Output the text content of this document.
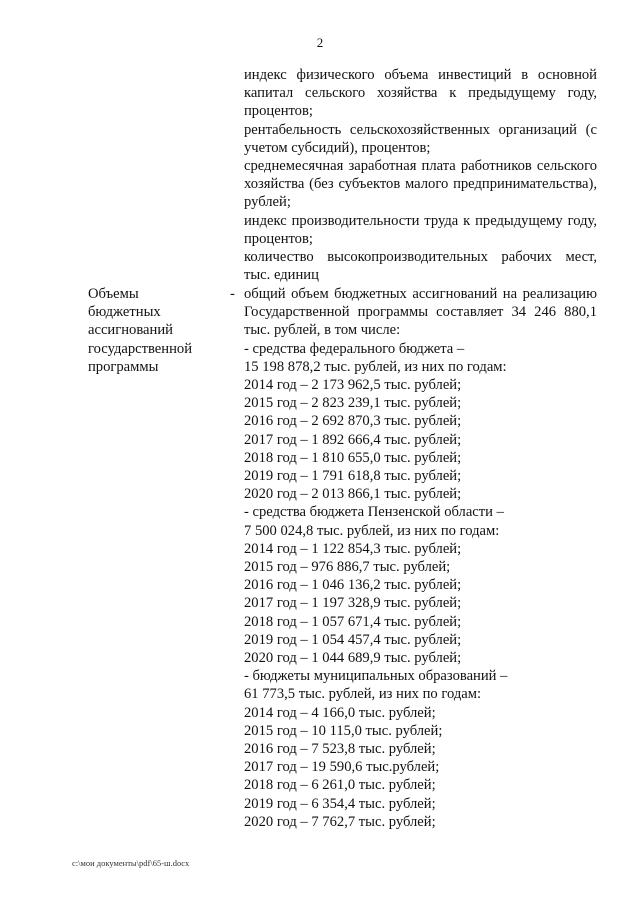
2
индекс физического объема инвестиций в основной капитал сельского хозяйства к предыдущему году, процентов;
рентабельность сельскохозяйственных организаций (с учетом субсидий), процентов;
среднемесячная заработная плата работников сельского хозяйства (без субъектов малого предпринимательства), рублей;
индекс производительности труда к предыдущему году, процентов;
количество высокопроизводительных рабочих мест, тыс. единиц
Объемы
бюджетных
ассигнований
государственной
программы
- общий объем бюджетных ассигнований на реализацию Государственной программы составляет 34 246 880,1 тыс. рублей, в том числе:
- средства федерального бюджета –
15 198 878,2 тыс. рублей, из них по годам:
2014 год – 2 173 962,5 тыс. рублей;
2015 год – 2 823 239,1 тыс. рублей;
2016 год – 2 692 870,3 тыс. рублей;
2017 год – 1 892 666,4 тыс. рублей;
2018 год – 1 810 655,0 тыс. рублей;
2019 год – 1 791 618,8 тыс. рублей;
2020 год – 2 013 866,1 тыс. рублей;
- средства бюджета Пензенской области –
7 500 024,8 тыс. рублей, из них по годам:
2014 год – 1 122 854,3 тыс. рублей;
2015 год – 976 886,7 тыс. рублей;
2016 год – 1 046 136,2 тыс. рублей;
2017 год – 1 197 328,9 тыс. рублей;
2018 год – 1 057 671,4 тыс. рублей;
2019 год – 1 054 457,4 тыс. рублей;
2020 год – 1 044 689,9 тыс. рублей;
- бюджеты муниципальных образований –
61 773,5 тыс. рублей, из них по годам:
2014 год – 4 166,0 тыс. рублей;
2015 год – 10 115,0 тыс. рублей;
2016 год – 7 523,8 тыс. рублей;
2017 год – 19 590,6 тыс.рублей;
2018 год – 6 261,0 тыс. рублей;
2019 год – 6 354,4 тыс. рублей;
2020 год – 7 762,7 тыс. рублей;
c:\мои документы\pdf\65-ш.docx
